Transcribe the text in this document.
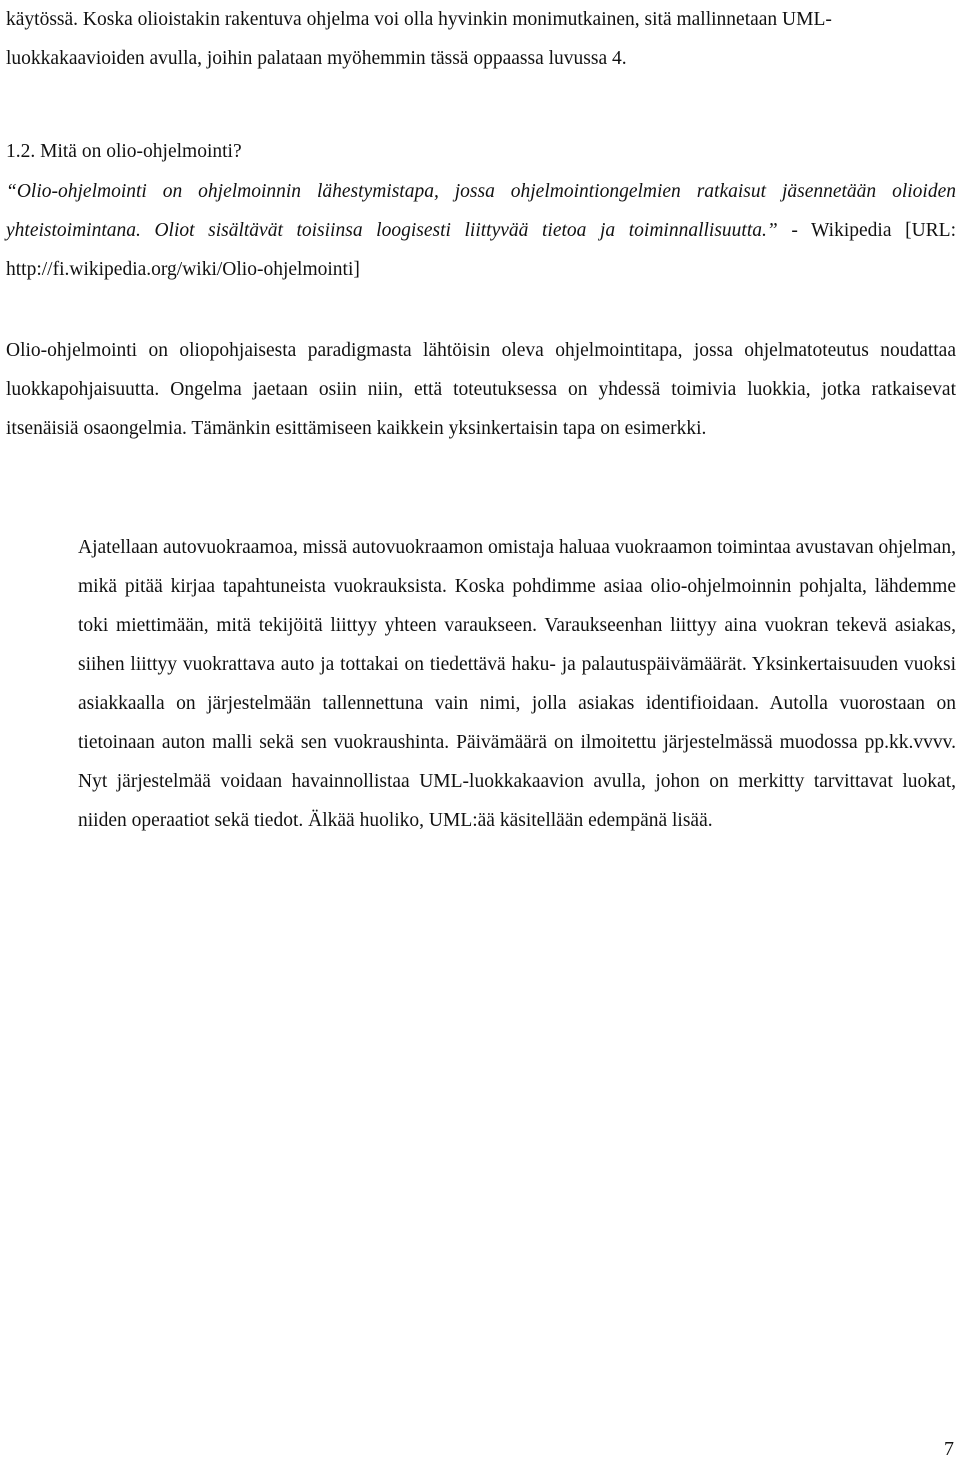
käytössä. Koska olioistakin rakentuva ohjelma voi olla hyvinkin monimutkainen, sitä mallinnetaan UML-luokkakaavioiden avulla, joihin palataan myöhemmin tässä oppaassa luvussa 4.

1.2. Mitä on olio-ohjelmointi?

“Olio-ohjelmointi on ohjelmoinnin lähestymistapa, jossa ohjelmointiongelmien ratkaisut jäsennetään olioiden yhteistoimintana. Oliot sisältävät toisiinsa loogisesti liittyvää tietoa ja toiminnallisuutta.” - Wikipedia [URL: http://fi.wikipedia.org/wiki/Olio-ohjelmointi]

Olio-ohjelmointi on oliopohjaisesta paradigmasta lähtöisin oleva ohjelmointitapa, jossa ohjelmatoteutus noudattaa luokkapohjaisuutta. Ongelma jaetaan osiin niin, että toteutuksessa on yhdessä toimivia luokkia, jotka ratkaisevat itsenäisiä osaongelmia. Tämänkin esittämiseen kaikkein yksinkertaisin tapa on esimerkki.

Ajatellaan autovuokraamoa, missä autovuokraamon omistaja haluaa vuokraamon toimintaa avustavan ohjelman, mikä pitää kirjaa tapahtuneista vuokrauksista. Koska pohdimme asiaa olio-ohjelmoinnin pohjalta, lähdemme toki miettimään, mitä tekijöitä liittyy yhteen varaukseen. Varaukseenhan liittyy aina vuokran tekevä asiakas, siihen liittyy vuokrattava auto ja tottakai on tiedettävä haku- ja palautuspäivämäärät. Yksinkertaisuuden vuoksi asiakkaalla on järjestelmään tallennettuna vain nimi, jolla asiakas identifioidaan. Autolla vuorostaan on tietoinaan auton malli sekä sen vuokraushinta. Päivämäärä on ilmoitettu järjestelmässä muodossa pp.kk.vvvv. Nyt järjestelmää voidaan havainnollistaa UML-luokkakaavion avulla, johon on merkitty tarvittavat luokat, niiden operaatiot sekä tiedot. Älkää huoliko, UML:ää käsitellään edempänä lisää.

7
